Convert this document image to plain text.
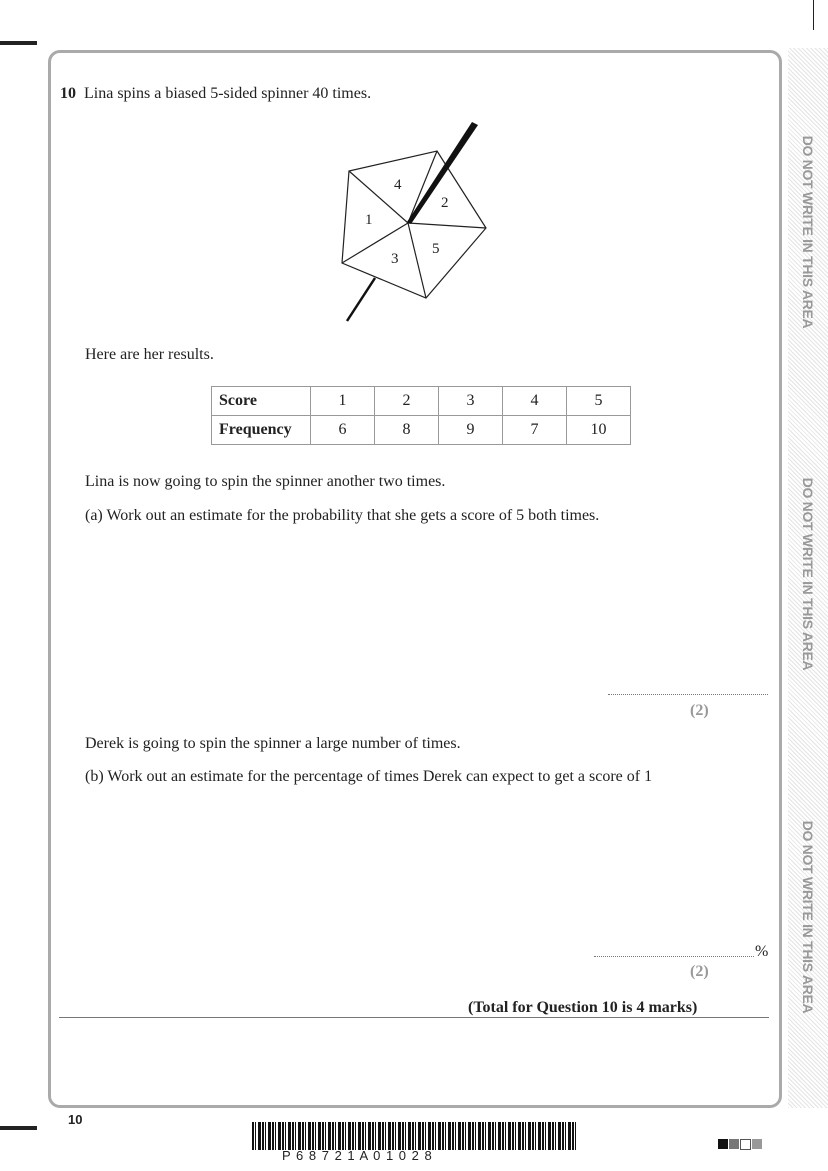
DO NOT WRITE IN THIS AREA
DO NOT WRITE IN THIS AREA
DO NOT WRITE IN THIS AREA
10 Lina spins a biased 5-sided spinner 40 times.
4
2
1
3
5
Here are her results.
Score	1	2	3	4	5
Frequency	6	8	9	7	10
Lina is now going to spin the spinner another two times.
(a) Work out an estimate for the probability that she gets a score of 5 both times.
(2)
Derek is going to spin the spinner a large number of times.
(b) Work out an estimate for the percentage of times Derek can expect to get a score of 1
%
(2)
(Total for Question 10 is 4 marks)
10
P 6 8 7 2 1 A 0 1 0 2 8
